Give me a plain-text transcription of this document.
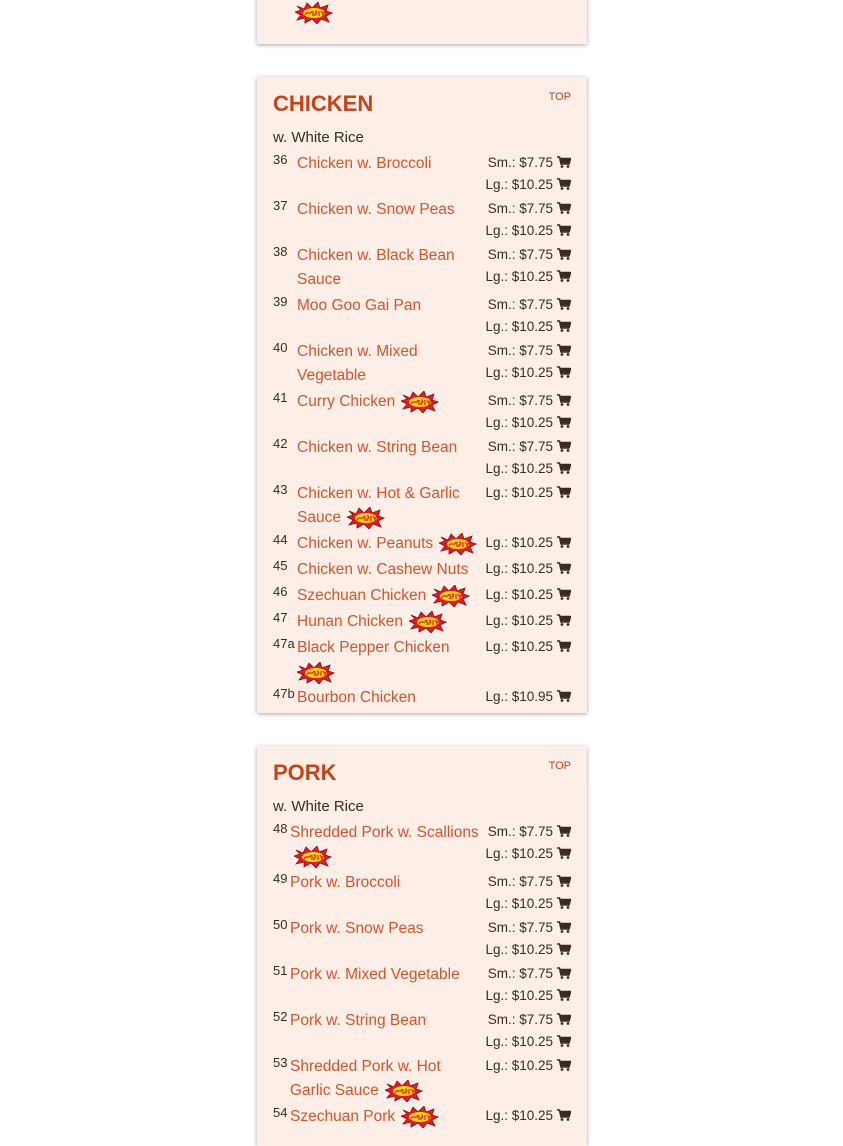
CHICKEN	TOP
w. White Rice
36 Chicken w. Broccoli	Sm.: $7.75
Lg.: $10.25
37 Chicken w. Snow Peas	Sm.: $7.75
Lg.: $10.25
38 Chicken w. Black Bean Sauce
Sm.: $7.75
Lg.: $10.25
39 Moo Goo Gai Pan	Sm.: $7.75
Lg.: $10.25
40 Chicken w. Mixed Vegetable
Sm.: $7.75
Lg.: $10.25
41 Curry Chicken	Sm.: $7.75
Lg.: $10.25
42 Chicken w. String Bean	Sm.: $7.75
Lg.: $10.25
43 Chicken w. Hot & Garlic Sauce
Lg.: $10.25
44 Chicken w. Peanuts	Lg.: $10.25
45 Chicken w. Cashew Nuts	Lg.: $10.25
46 Szechuan Chicken	Lg.: $10.25
47 Hunan Chicken	Lg.: $10.25
47a Black Pepper Chicken	Lg.: $10.25
47b Bourbon Chicken	Lg.: $10.95
PORK	TOP
w. White Rice
48 Shredded Pork w. Scallions Sm.: $7.75
Lg.: $10.25
49 Pork w. Broccoli	Sm.: $7.75
Lg.: $10.25
50 Pork w. Snow Peas	Sm.: $7.75
Lg.: $10.25
51 Pork w. Mixed Vegetable	Sm.: $7.75
Lg.: $10.25
52 Pork w. String Bean	Sm.: $7.75
Lg.: $10.25
53 Shredded Pork w. Hot Garlic Sauce
Lg.: $10.25
54 Szechuan Pork	Lg.: $10.25
